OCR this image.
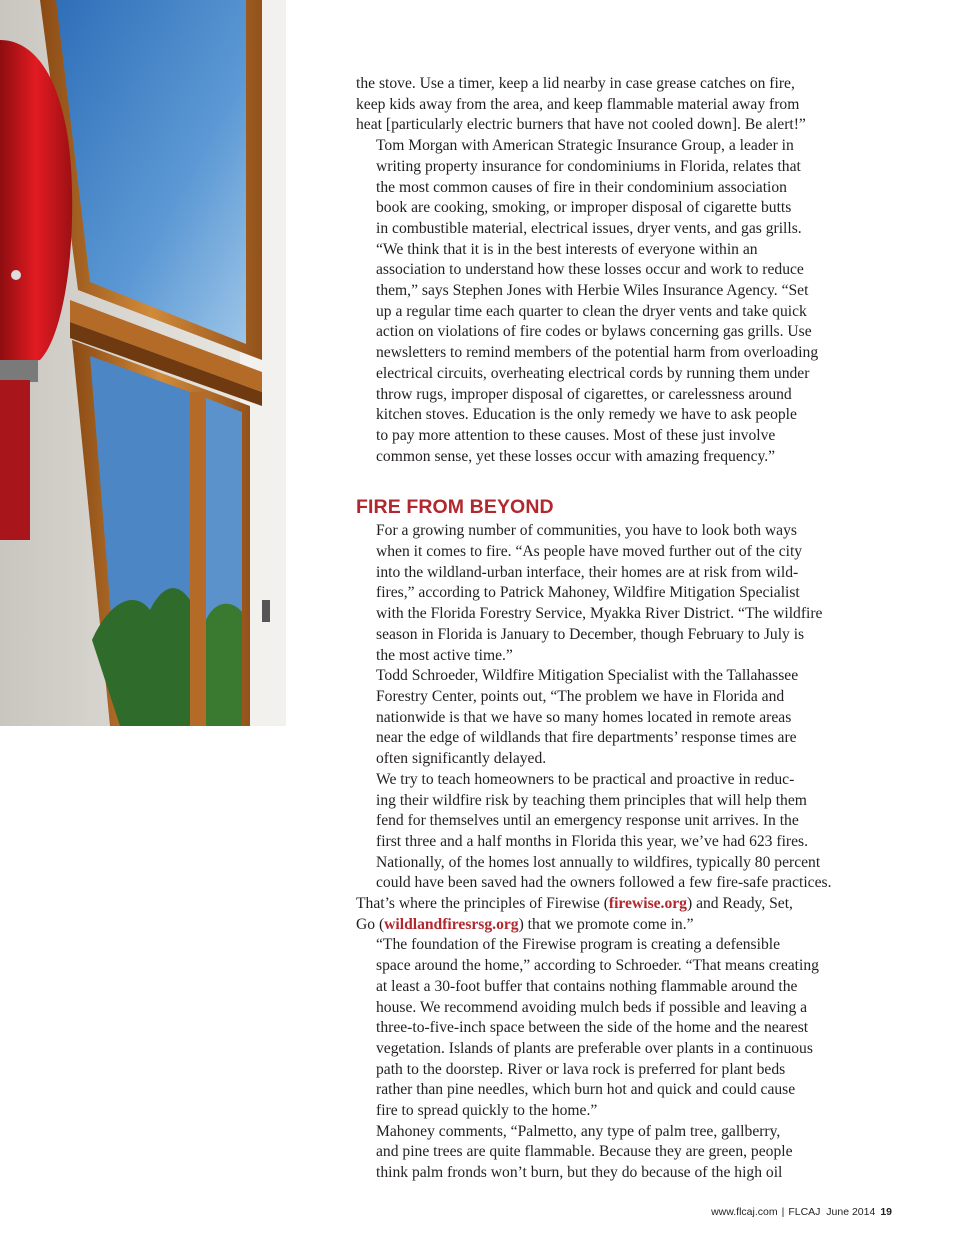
the stove. Use a timer, keep a lid nearby in case grease catches on fire,
keep kids away from the area, and keep flammable material away from
heat [particularly electric burners that have not cooled down]. Be alert!”

Tom Morgan with American Strategic Insurance Group, a leader in
writing property insurance for condominiums in Florida, relates that
the most common causes of fire in their condominium association
book are cooking, smoking, or improper disposal of cigarette butts
in combustible material, electrical issues, dryer vents, and gas grills.

“We think that it is in the best interests of everyone within an
association to understand how these losses occur and work to reduce
them,” says Stephen Jones with Herbie Wiles Insurance Agency. “Set
up a regular time each quarter to clean the dryer vents and take quick
action on violations of fire codes or bylaws concerning gas grills. Use
newsletters to remind members of the potential harm from overloading
electrical circuits, overheating electrical cords by running them under
throw rugs, improper disposal of cigarettes, or carelessness around
kitchen stoves. Education is the only remedy we have to ask people
to pay more attention to these causes. Most of these just involve
common sense, yet these losses occur with amazing frequency.”

FIRE FROM BEYOND

For a growing number of communities, you have to look both ways
when it comes to fire. “As people have moved further out of the city
into the wildland-urban interface, their homes are at risk from wild-
fires,” according to Patrick Mahoney, Wildfire Mitigation Specialist
with the Florida Forestry Service, Myakka River District. “The wildfire
season in Florida is January to December, though February to July is
the most active time.”

Todd Schroeder, Wildfire Mitigation Specialist with the Tallahassee
Forestry Center, points out, “The problem we have in Florida and
nationwide is that we have so many homes located in remote areas
near the edge of wildlands that fire departments’ response times are
often significantly delayed.

We try to teach homeowners to be practical and proactive in reduc-
ing their wildfire risk by teaching them principles that will help them
fend for themselves until an emergency response unit arrives. In the
first three and a half months in Florida this year, we’ve had 623 fires.
Nationally, of the homes lost annually to wildfires, typically 80 percent
could have been saved had the owners followed a few fire-safe practices.

That’s where the principles of Firewise (firewise.org) and Ready, Set,
Go (wildlandfiresrsg.org) that we promote come in.”

“The foundation of the Firewise program is creating a defensible
space around the home,” according to Schroeder. “That means creating
at least a 30-foot buffer that contains nothing flammable around the
house. We recommend avoiding mulch beds if possible and leaving a
three-to-five-inch space between the side of the home and the nearest
vegetation. Islands of plants are preferable over plants in a continuous
path to the doorstep. River or lava rock is preferred for plant beds
rather than pine needles, which burn hot and quick and could cause
fire to spread quickly to the home.”

Mahoney comments, “Palmetto, any type of palm tree, gallberry,
and pine trees are quite flammable. Because they are green, people
think palm fronds won’t burn, but they do because of the high oil

www.flcaj.com | FLCAJ June 2014 19
